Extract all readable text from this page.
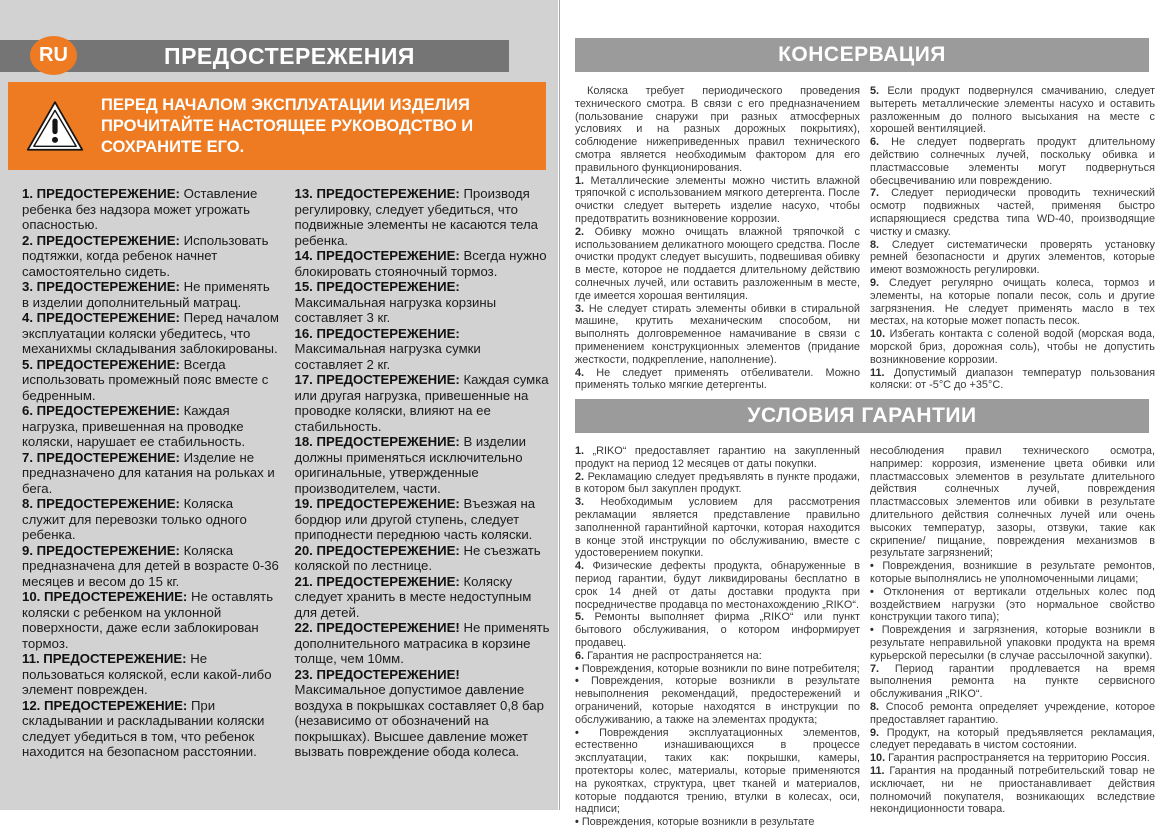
ПРЕДОСТЕРЕЖЕНИЯ
RU
ПЕРЕД НАЧАЛОМ ЭКСПЛУАТАЦИИ ИЗДЕЛИЯ ПРОЧИТАЙТЕ НАСТОЯЩЕЕ РУКОВОДСТВО И СОХРАНИТЕ ЕГО.

1. ПРЕДОСТЕРЕЖЕНИЕ: Оставление ребенка без надзора может угрожать опасностью.

2. ПРЕДОСТЕРЕЖЕНИЕ: Использовать подтяжки, когда ребенок начнет самостоятельно сидеть.

3. ПРЕДОСТЕРЕЖЕНИЕ: Не применять в изделии дополнительный матрац.

4. ПРЕДОСТЕРЕЖЕНИЕ: Перед началом эксплуатации коляски убедитесь, что механихмы складывания заблокированы.

5. ПРЕДОСТЕРЕЖЕНИЕ: Всегда использовать промежный пояс вместе с бедренным.

6. ПРЕДОСТЕРЕЖЕНИЕ: Каждая нагрузка, привешенная на проводке коляски, нарушает ее стабильность.

7. ПРЕДОСТЕРЕЖЕНИЕ: Изделие не предназначено для катания на рольках и бега.

8. ПРЕДОСТЕРЕЖЕНИЕ: Коляска служит для перевозки только одного ребенка.

9. ПРЕДОСТЕРЕЖЕНИЕ: Коляска предназначена для детей в возрасте 0-36 месяцев и весом до 15 кг.

10. ПРЕДОСТЕРЕЖЕНИЕ: Не оставлять коляски с ребенком на уклонной поверхности, даже если заблокирован тормоз.

11. ПРЕДОСТЕРЕЖЕНИЕ: Не пользоваться коляской, если какой-либо элемент поврежден.

12. ПРЕДОСТЕРЕЖЕНИЕ: При складывании и раскладывании коляски следует убедиться в том, что ребенок находится на безопасном расстоянии.

13. ПРЕДОСТЕРЕЖЕНИЕ: Производя регулировку, следует убедиться, что подвижные элементы не касаются тела ребенка.

14. ПРЕДОСТЕРЕЖЕНИЕ: Всегда нужно блокировать стояночный тормоз.

15. ПРЕДОСТЕРЕЖЕНИЕ: Максимальная нагрузка корзины составляет 3 кг.

16. ПРЕДОСТЕРЕЖЕНИЕ: Максимальная нагрузка сумки составляет 2 кг.

17. ПРЕДОСТЕРЕЖЕНИЕ: Каждая сумка или другая нагрузка, привешенные на проводке коляски, влияют на ее стабильность.

18. ПРЕДОСТЕРЕЖЕНИЕ: В изделии должны применяться исключительно оригинальные, утвержденные производителем, части.

19. ПРЕДОСТЕРЕЖЕНИЕ: Въезжая на бордюр или другой ступень, следует приподнести переднюю часть коляски.

20. ПРЕДОСТЕРЕЖЕНИЕ: Не съезжать коляской по лестнице.

21. ПРЕДОСТЕРЕЖЕНИЕ: Коляску следует хранить в месте недоступным для детей.

22. ПРЕДОСТЕРЕЖЕНИЕ! Не применять дополнительного матрасика в корзине толще, чем 10мм.

23. ПРЕДОСТЕРЕЖЕНИЕ! Максимальное допустимое давление воздуха в покрышках составляет 0,8 бар (независимо от обозначений на покрышках). Высшее давление может вызвать повреждение обода колеса.

КОНСЕРВАЦИЯ

Коляска требует периодического проведения технического смотра. В связи с его предназначением (пользование снаружи при разных атмосферных условиях и на разных дорожных покрытиях), соблюдение нижеприведенных правил технического смотра является необходимым фактором для его правильного функционирования.

1. Металлические элементы можно чистить влажной тряпочкой с использованием мягкого детергента. После очистки следует вытереть изделие насухо, чтобы предотвратить возникновение коррозии.

2. Обивку можно очищать влажной тряпочкой с использованием деликатного моющего средства. После очистки продукт следует высушить, подвешивая обивку в месте, которое не поддается длительному действию солнечных лучей, или оставить разложенным в месте, где имеется хорошая вентиляция.

3. Не следует стирать элементы обивки в стиральной машине, крутить механическим способом, ни выполнять долговременное намачивание в связи с применением конструкционных элементов (придание жесткости, подкрепление, наполнение).

4. Не следует применять отбеливатели. Можно применять только мягкие детергенты.

5. Если продукт подвернулся смачиванию, следует вытереть металлические элементы насухо и оставить разложенным до полного высыхания на месте с хорошей вентиляцией.

6. Не следует подвергать продукт длительному действию солнечных лучей, поскольку обивка и пластмассовые элементы могут подвернуться обесцвечиванию или повреждению.

7. Следует периодически проводить технический осмотр подвижных частей, применяя быстро испаряющиеся средства типа WD-40, производящие чистку и смазку.

8. Следует систематически проверять установку ремней безопасности и других элементов, которые имеют возможность регулировки.

9. Следует регулярно очищать колеса, тормоз и элементы, на которые попали песок, соль и другие загрязнения. Не следует применять масло в тех местах, на которые может попасть песок.

10. Избегать контакта с соленой водой (морская вода, морской бриз, дорожная соль), чтобы не допустить возникновение коррозии.

11. Допустимый диапазон температур пользования коляски: от -5°C до +35°C.

УСЛОВИЯ ГАРАНТИИ

1. „RIKO“ предоставляет гарантию на закупленный продукт на период 12 месяцев от даты покупки.

2. Рекламацию следует предъявлять в пункте продажи, в котором был закуплен продукт.

3. Необходимым условием для рассмотрения рекламации является представление правильно заполненной гарантийной карточки, которая находится в конце этой инструкции по обслуживанию, вместе с удостоверением покупки.

4. Физические дефекты продукта, обнаруженные в период гарантии, будут ликвидированы бесплатно в срок 14 дней от даты доставки продукта при посредничестве продавца по местонахождению „RIKO“.

5. Ремонты выполняет фирма „RIKO“ или пункт бытового обслуживания, о котором информирует продавец.

6. Гарантия не распространяется на:

• Повреждения, которые возникли по вине потребителя;

• Повреждения, которые возникли в результате невыполнения рекомендаций, предостережений и ограничений, которые находятся в инструкции по обслуживанию, а также на элементах продукта;

• Повреждения эксплуатационных элементов, естественно изнашивающихся в процессе эксплуатации, таких как: покрышки, камеры, протекторы колес, материалы, которые применяются на рукоятках, структура, цвет тканей и материалов, которые поддаются трению, втулки в колесах, оси, надписи;

• Повреждения, которые возникли в результате

несоблюдения правил технического осмотра, например: коррозия, изменение цвета обивки или пластмассовых элементов в результате длительного действия солнечных лучей, повреждения пластмассовых элементов или обивки в результате длительного действия солнечных лучей или очень высоких температур, зазоры, отзвуки, такие как скрипение/ пищание, повреждения механизмов в результате загрязнений;

• Повреждения, возникшие в результате ремонтов, которые выполнялись не уполномоченными лицами;

• Отклонения от вертикали отдельных колес под воздействием нагрузки (это нормальное свойство конструкции такого типа);

• Повреждения и загрязнения, которые возникли в результате неправильной упаковки продукта на время курьерской пересылки (в случае рассылочной закупки).

7. Период гарантии продлевается на время выполнения ремонта на пункте сервисного обслуживания „RIKO“.

8. Способ ремонта определяет учреждение, которое предоставляет гарантию.

9. Продукт, на который предъявляется рекламация, следует передавать в чистом состоянии.

10. Гарантия распространяется на территорию Россия.

11. Гарантия на проданный потребительский товар не исключает, ни не приостанавливает действия полномочий покупателя, возникающих вследствие некондиционности товара.
